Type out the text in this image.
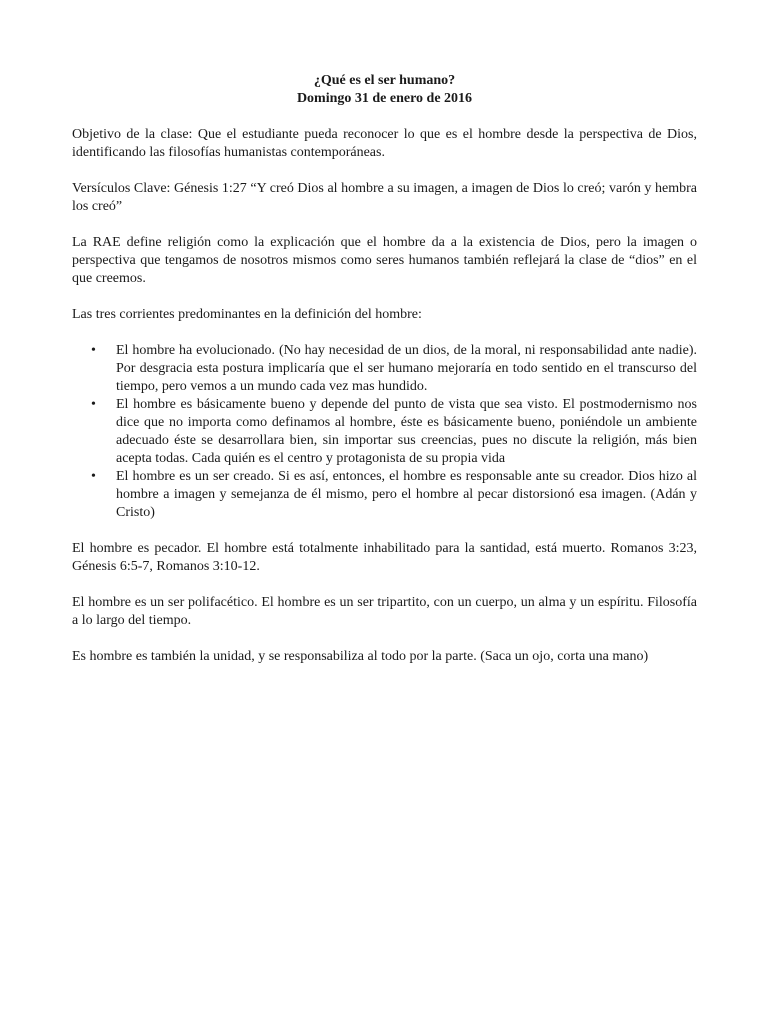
¿Qué es el ser humano?

Domingo 31 de enero de 2016

Objetivo de la clase: Que el estudiante pueda reconocer lo que es el hombre desde la perspectiva de Dios, identificando las filosofías humanistas contemporáneas.

Versículos Clave: Génesis 1:27 “Y creó Dios al hombre a su imagen, a imagen de Dios lo creó; varón y hembra los creó”

La RAE define religión como la explicación que el hombre da a la existencia de Dios, pero la imagen o perspectiva que tengamos de nosotros mismos como seres humanos también reflejará la clase de “dios” en el que creemos.

Las tres corrientes predominantes en la definición del hombre:

• El hombre ha evolucionado. (No hay necesidad de un dios, de la moral, ni responsabilidad ante nadie). Por desgracia esta postura implicaría que el ser humano mejoraría en todo sentido en el transcurso del tiempo, pero vemos a un mundo cada vez mas hundido.
• El hombre es básicamente bueno y depende del punto de vista que sea visto. El postmodernismo nos dice que no importa como definamos al hombre, éste es básicamente bueno, poniéndole un ambiente adecuado éste se desarrollara bien, sin importar sus creencias, pues no discute la religión, más bien acepta todas. Cada quién es el centro y protagonista de su propia vida
• El hombre es un ser creado. Si es así, entonces, el hombre es responsable ante su creador. Dios hizo al hombre a imagen y semejanza de él mismo, pero el hombre al pecar distorsionó esa imagen. (Adán y Cristo)

El hombre es pecador. El hombre está totalmente inhabilitado para la santidad, está muerto. Romanos 3:23, Génesis 6:5-7, Romanos 3:10-12.

El hombre es un ser polifacético. El hombre es un ser tripartito, con un cuerpo, un alma y un espíritu. Filosofía a lo largo del tiempo.

Es hombre es también la unidad, y se responsabiliza al todo por la parte. (Saca un ojo, corta una mano)
